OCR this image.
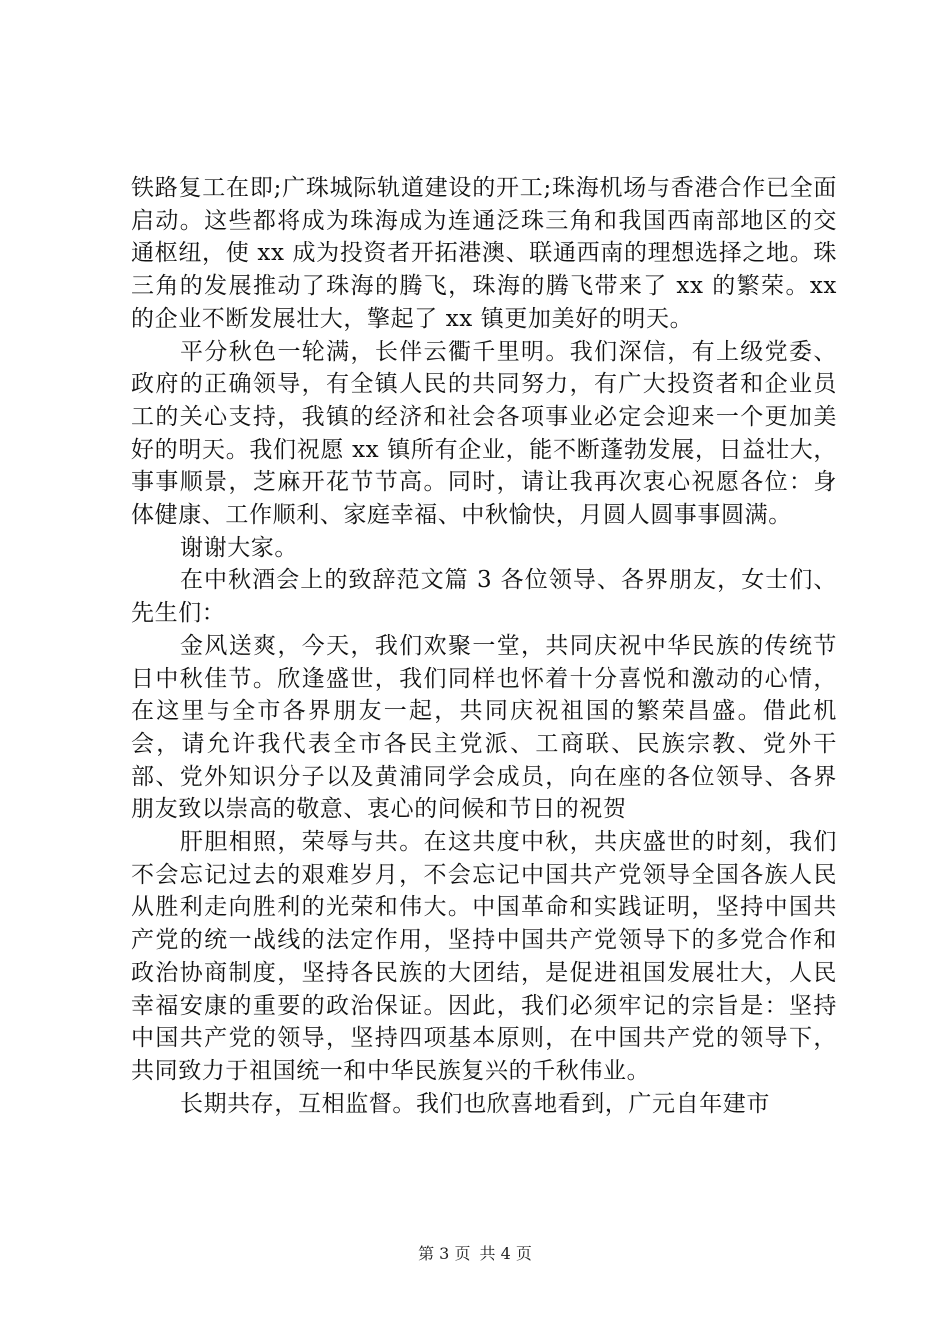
铁路复工在即;广珠城际轨道建设的开工;珠海机场与香港合作已全面启动。这些都将成为珠海成为连通泛珠三角和我国西南部地区的交通枢纽，使 xx 成为投资者开拓港澳、联通西南的理想选择之地。珠三角的发展推动了珠海的腾飞，珠海的腾飞带来了 xx 的繁荣。xx 的企业不断发展壮大，擎起了 xx 镇更加美好的明天。

平分秋色一轮满，长伴云衢千里明。我们深信，有上级党委、政府的正确领导，有全镇人民的共同努力，有广大投资者和企业员工的关心支持，我镇的经济和社会各项事业必定会迎来一个更加美好的明天。我们祝愿 xx 镇所有企业，能不断蓬勃发展，日益壮大，事事顺景，芝麻开花节节高。同时，请让我再次衷心祝愿各位：身体健康、工作顺利、家庭幸福、中秋愉快，月圆人圆事事圆满。

谢谢大家。

在中秋酒会上的致辞范文篇 3 各位领导、各界朋友，女士们、先生们：

金风送爽，今天，我们欢聚一堂，共同庆祝中华民族的传统节日中秋佳节。欣逢盛世，我们同样也怀着十分喜悦和激动的心情，在这里与全市各界朋友一起，共同庆祝祖国的繁荣昌盛。借此机会，请允许我代表全市各民主党派、工商联、民族宗教、党外干部、党外知识分子以及黄浦同学会成员，向在座的各位领导、各界朋友致以崇高的敬意、衷心的问候和节日的祝贺

肝胆相照，荣辱与共。在这共度中秋，共庆盛世的时刻，我们不会忘记过去的艰难岁月，不会忘记中国共产党领导全国各族人民从胜利走向胜利的光荣和伟大。中国革命和实践证明，坚持中国共产党的统一战线的法定作用，坚持中国共产党领导下的多党合作和政治协商制度，坚持各民族的大团结，是促进祖国发展壮大，人民幸福安康的重要的政治保证。因此，我们必须牢记的宗旨是：坚持中国共产党的领导，坚持四项基本原则，在中国共产党的领导下，共同致力于祖国统一和中华民族复兴的千秋伟业。

长期共存，互相监督。我们也欣喜地看到，广元自年建市

第 3 页 共 4 页
